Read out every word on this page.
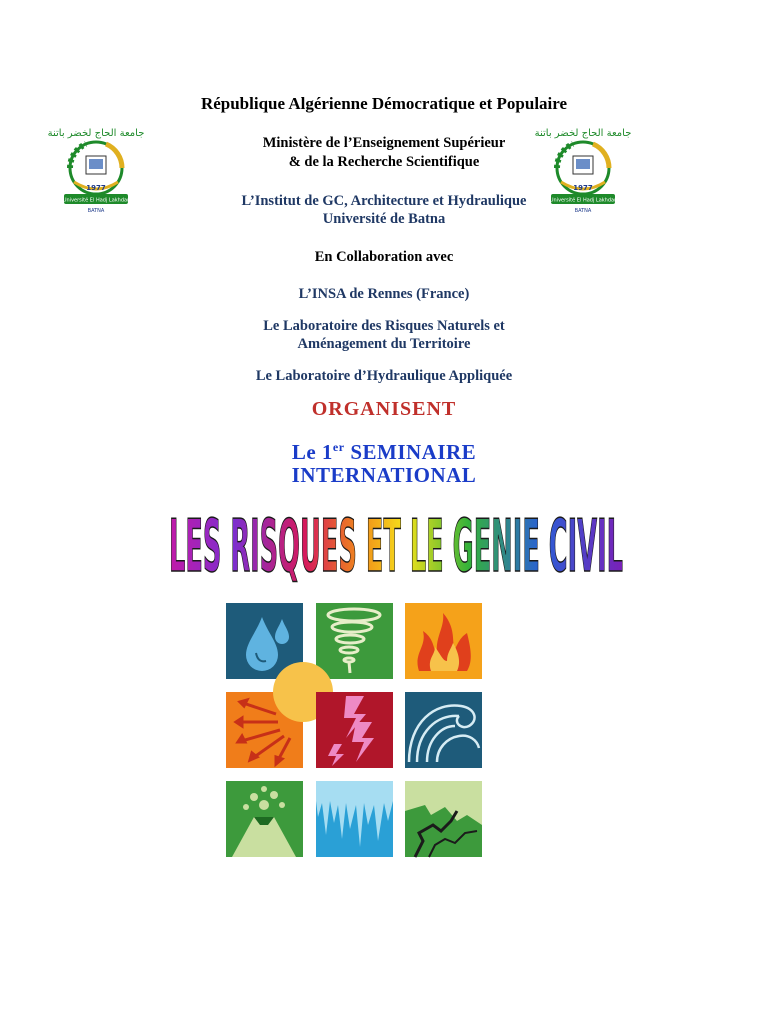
جامعة الحاج لخضر باتنة
1977
Université El Hadj Lakhdar
BATNA
جامعة الحاج لخضر باتنة
1977
Université El Hadj Lakhdar
BATNA
République Algérienne Démocratique et Populaire
Ministère de l’Enseignement Supérieur
& de la Recherche Scientifique
L’Institut de GC, Architecture et Hydraulique
Université de Batna
En Collaboration avec
L’INSA de Rennes (France)
Le Laboratoire des Risques Naturels et
Aménagement du Territoire
Le Laboratoire d’Hydraulique Appliquée
ORGANISENT
Le 1er SEMINAIRE
INTERNATIONAL
LES RISQUES ET LE GENIE CIVIL
